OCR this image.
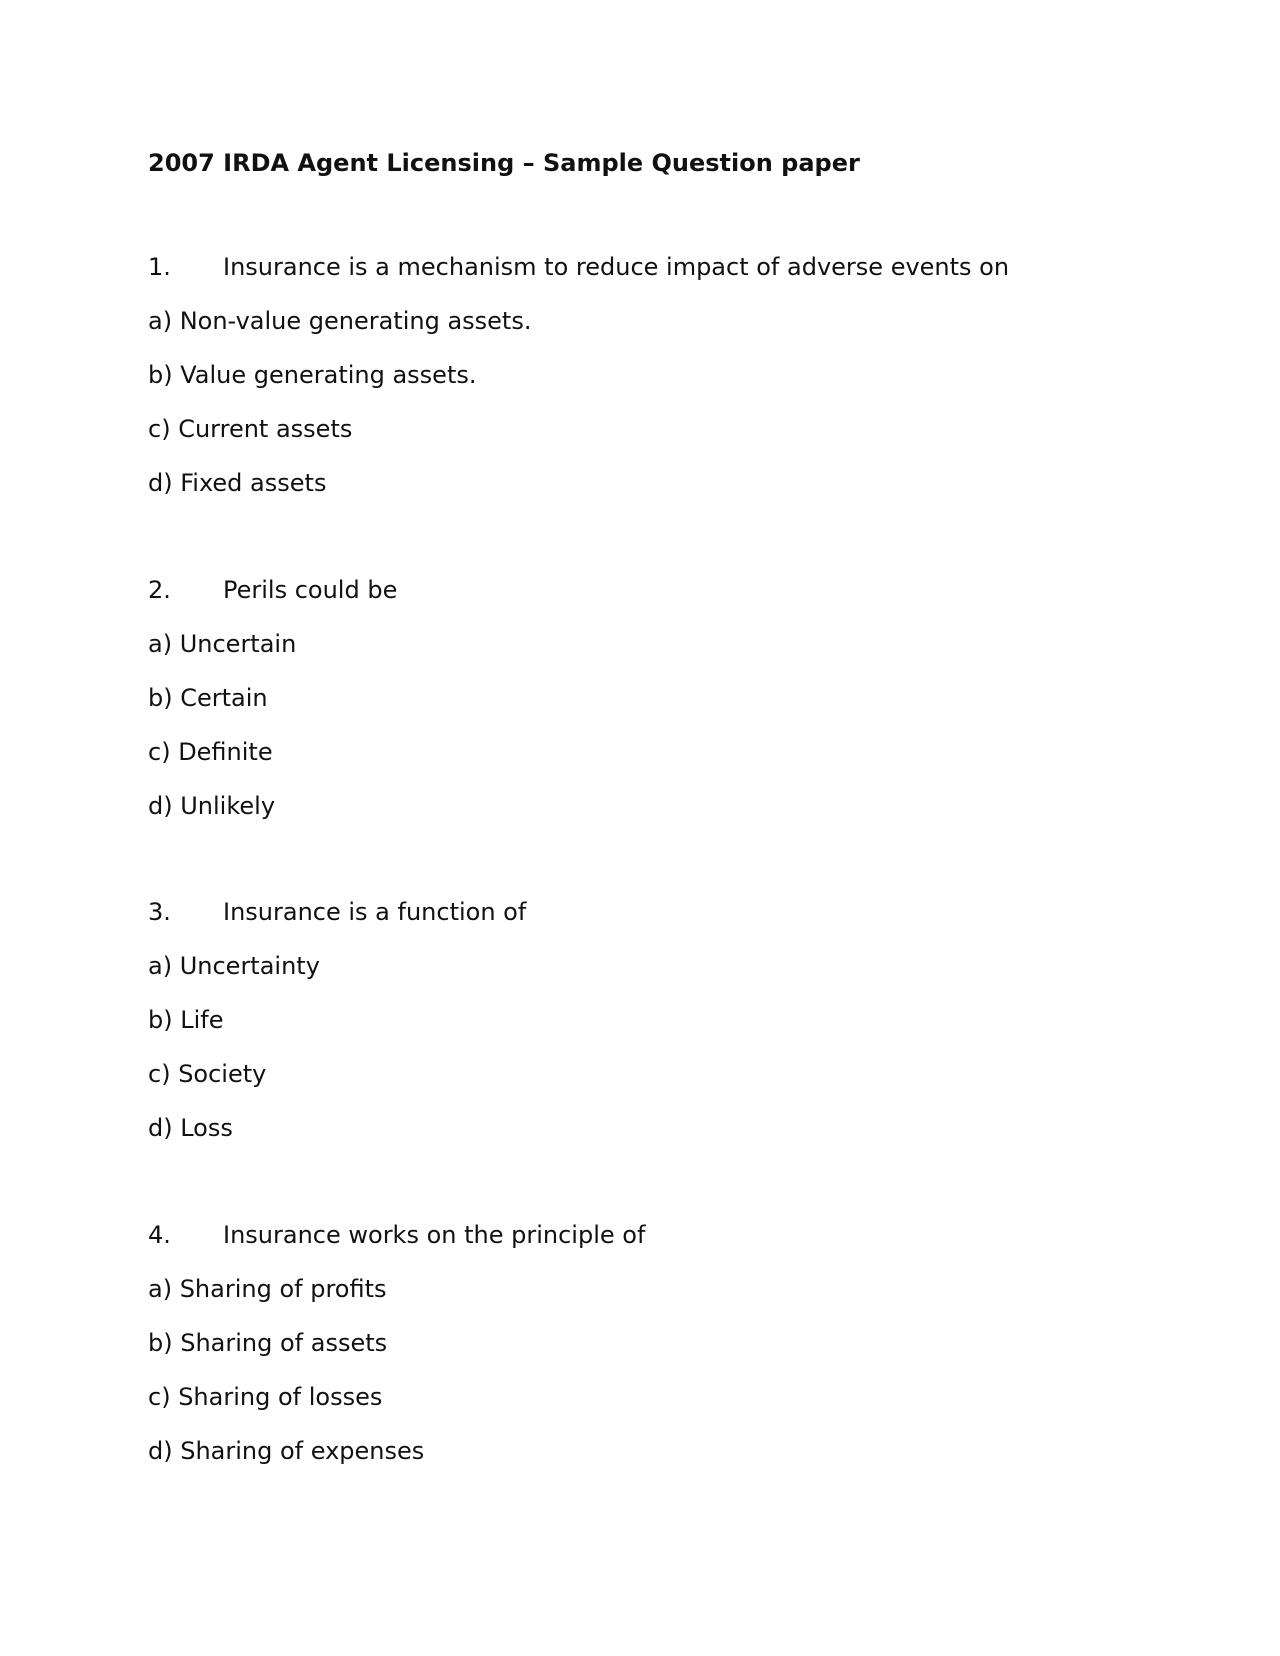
2007 IRDA Agent Licensing – Sample Question paper
1. Insurance is a mechanism to reduce impact of adverse events on
a) Non-value generating assets.
b) Value generating assets.
c) Current assets
d) Fixed assets
2. Perils could be
a) Uncertain
b) Certain
c) Definite
d) Unlikely
3. Insurance is a function of
a) Uncertainty
b) Life
c) Society
d) Loss
4. Insurance works on the principle of
a) Sharing of profits
b) Sharing of assets
c) Sharing of losses
d) Sharing of expenses
